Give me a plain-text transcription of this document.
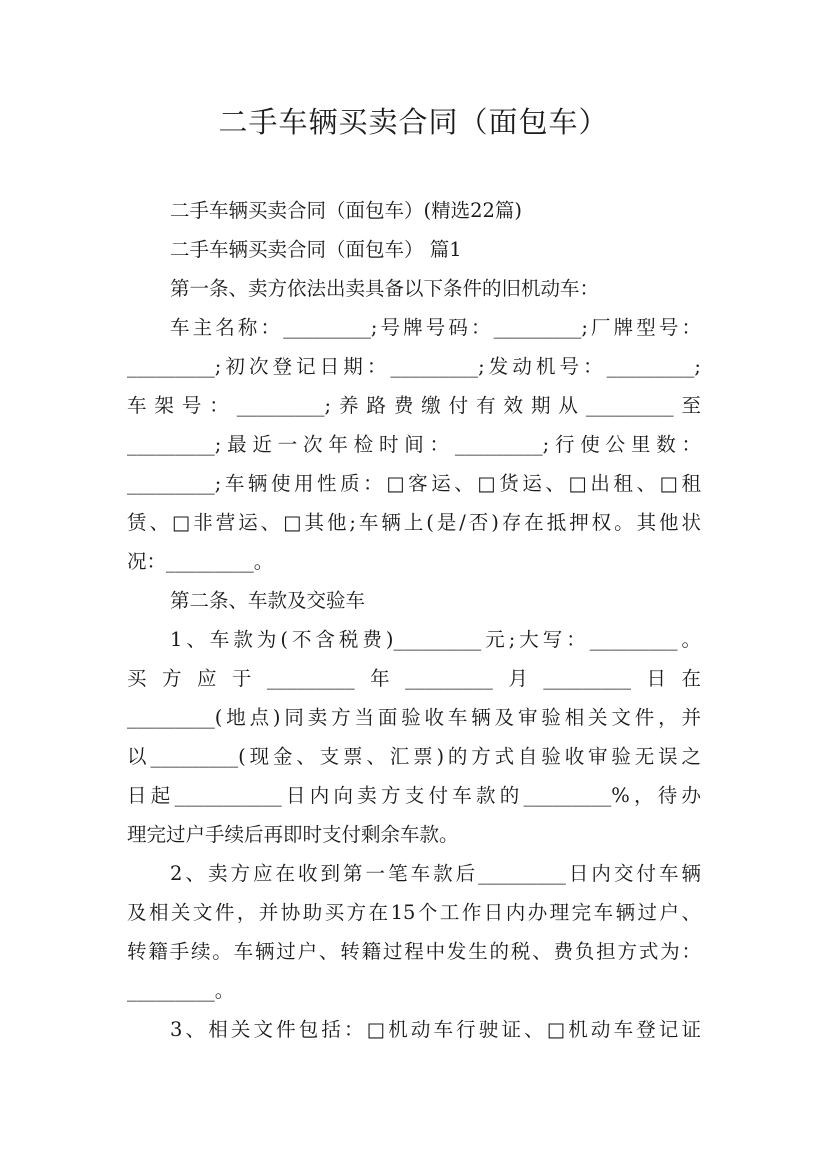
二手车辆买卖合同（面包车）
二手车辆买卖合同（面包车）(精选22篇)
二手车辆买卖合同（面包车） 篇1
第一条、卖方依法出卖具备以下条件的旧机动车：
车主名称：_________;号牌号码：_________;厂牌型号：
_________;初次登记日期：_________;发动机号：_________;
车架号：_________;养路费缴付有效期从_________至
_________;最近一次年检时间：_________;行使公里数：
_________;车辆使用性质：□客运、□货运、□出租、□租
赁、□非营运、□其他;车辆上(是/否)存在抵押权。其他状
况：_________。
第二条、车款及交验车
1、车款为(不含税费)_________元;大写：_________。
买方应于_________年_________月_________日在
_________(地点)同卖方当面验收车辆及审验相关文件，并
以_________(现金、支票、汇票)的方式自验收审验无误之
日起___________日内向卖方支付车款的_________%，待办
理完过户手续后再即时支付剩余车款。
2、卖方应在收到第一笔车款后_________日内交付车辆
及相关文件，并协助买方在15个工作日内办理完车辆过户、
转籍手续。车辆过户、转籍过程中发生的税、费负担方式为：
_________。
3、相关文件包括：□机动车行驶证、□机动车登记证
